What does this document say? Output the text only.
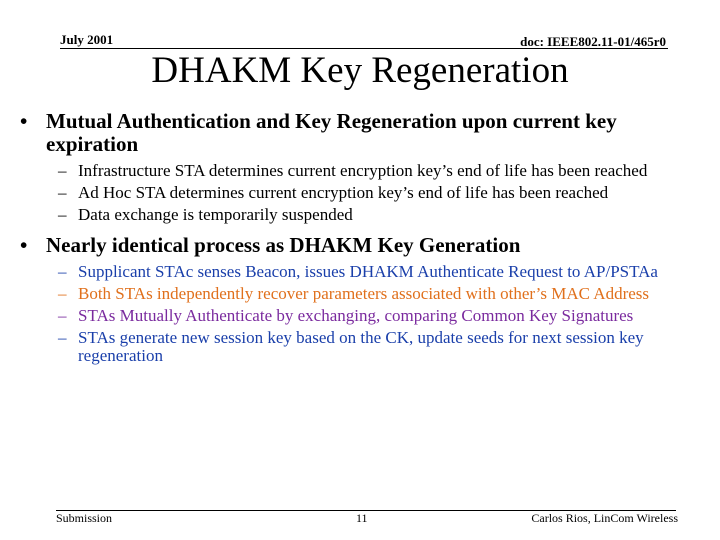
July 2001	doc: IEEE802.11-01/465r0
DHAKM Key Regeneration
• Mutual Authentication and Key Regeneration upon current key expiration
– Infrastructure STA determines current encryption key’s end of life has been reached
– Ad Hoc STA determines current encryption key’s end of life has been reached
– Data exchange is temporarily suspended
• Nearly identical process as DHAKM Key Generation
– Supplicant STAc senses Beacon, issues DHAKM Authenticate Request to AP/PSTAa
– Both STAs independently recover parameters associated with other’s MAC Address
– STAs Mutually Authenticate by exchanging, comparing Common Key Signatures
– STAs generate new session key based on the CK, update seeds for next session key regeneration
Submission	11	Carlos Rios, LinCom Wireless
